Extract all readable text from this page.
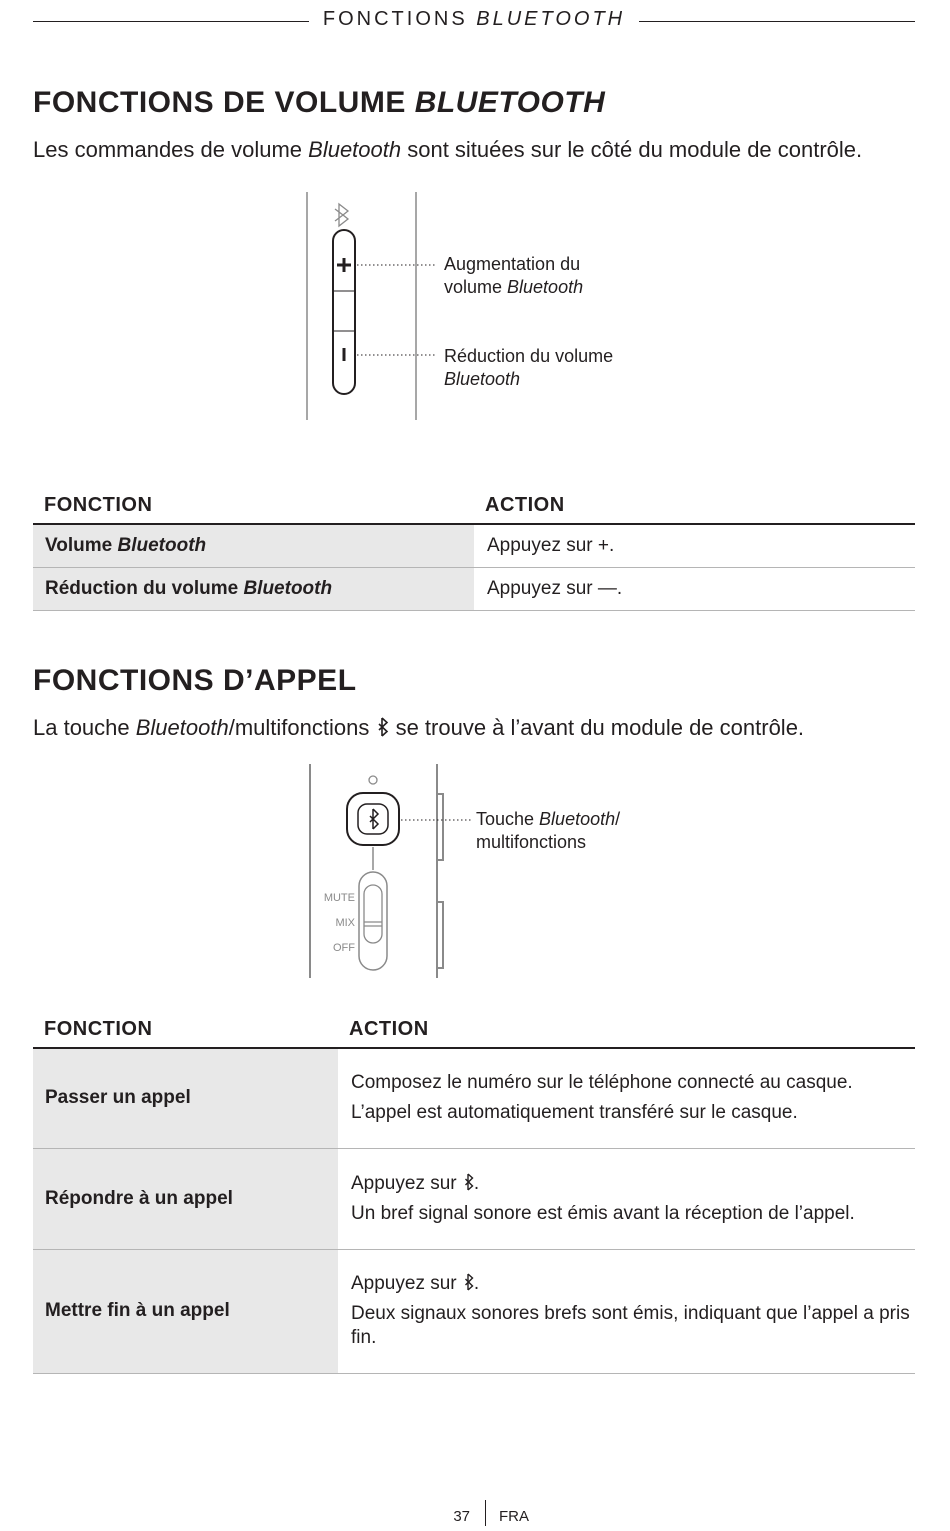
FONCTIONS BLUETOOTH
FONCTIONS DE VOLUME BLUETOOTH
Les commandes de volume Bluetooth sont situées sur le côté du module de contrôle.
Augmentation du
volume Bluetooth
Réduction du volume
Bluetooth
FONCTION	ACTION
Volume Bluetooth	Appuyez sur +.
Réduction du volume Bluetooth	Appuyez sur —.
FONCTIONS D’APPEL
La touche Bluetooth/multifonctions  se trouve à l’avant du module de contrôle.
MUTE
MIX
OFF
Touche Bluetooth/
multifonctions
FONCTION	ACTION
Passer un appel	Composez le numéro sur le téléphone connecté au casque.

L’appel est automatiquement transféré sur le casque.

Répondre à un appel	Appuyez sur .

Un bref signal sonore est émis avant la réception de l’appel.

Mettre fin à un appel	Appuyez sur .

Deux signaux sonores brefs sont émis, indiquant que l’appel a pris fin.

37 FRA
